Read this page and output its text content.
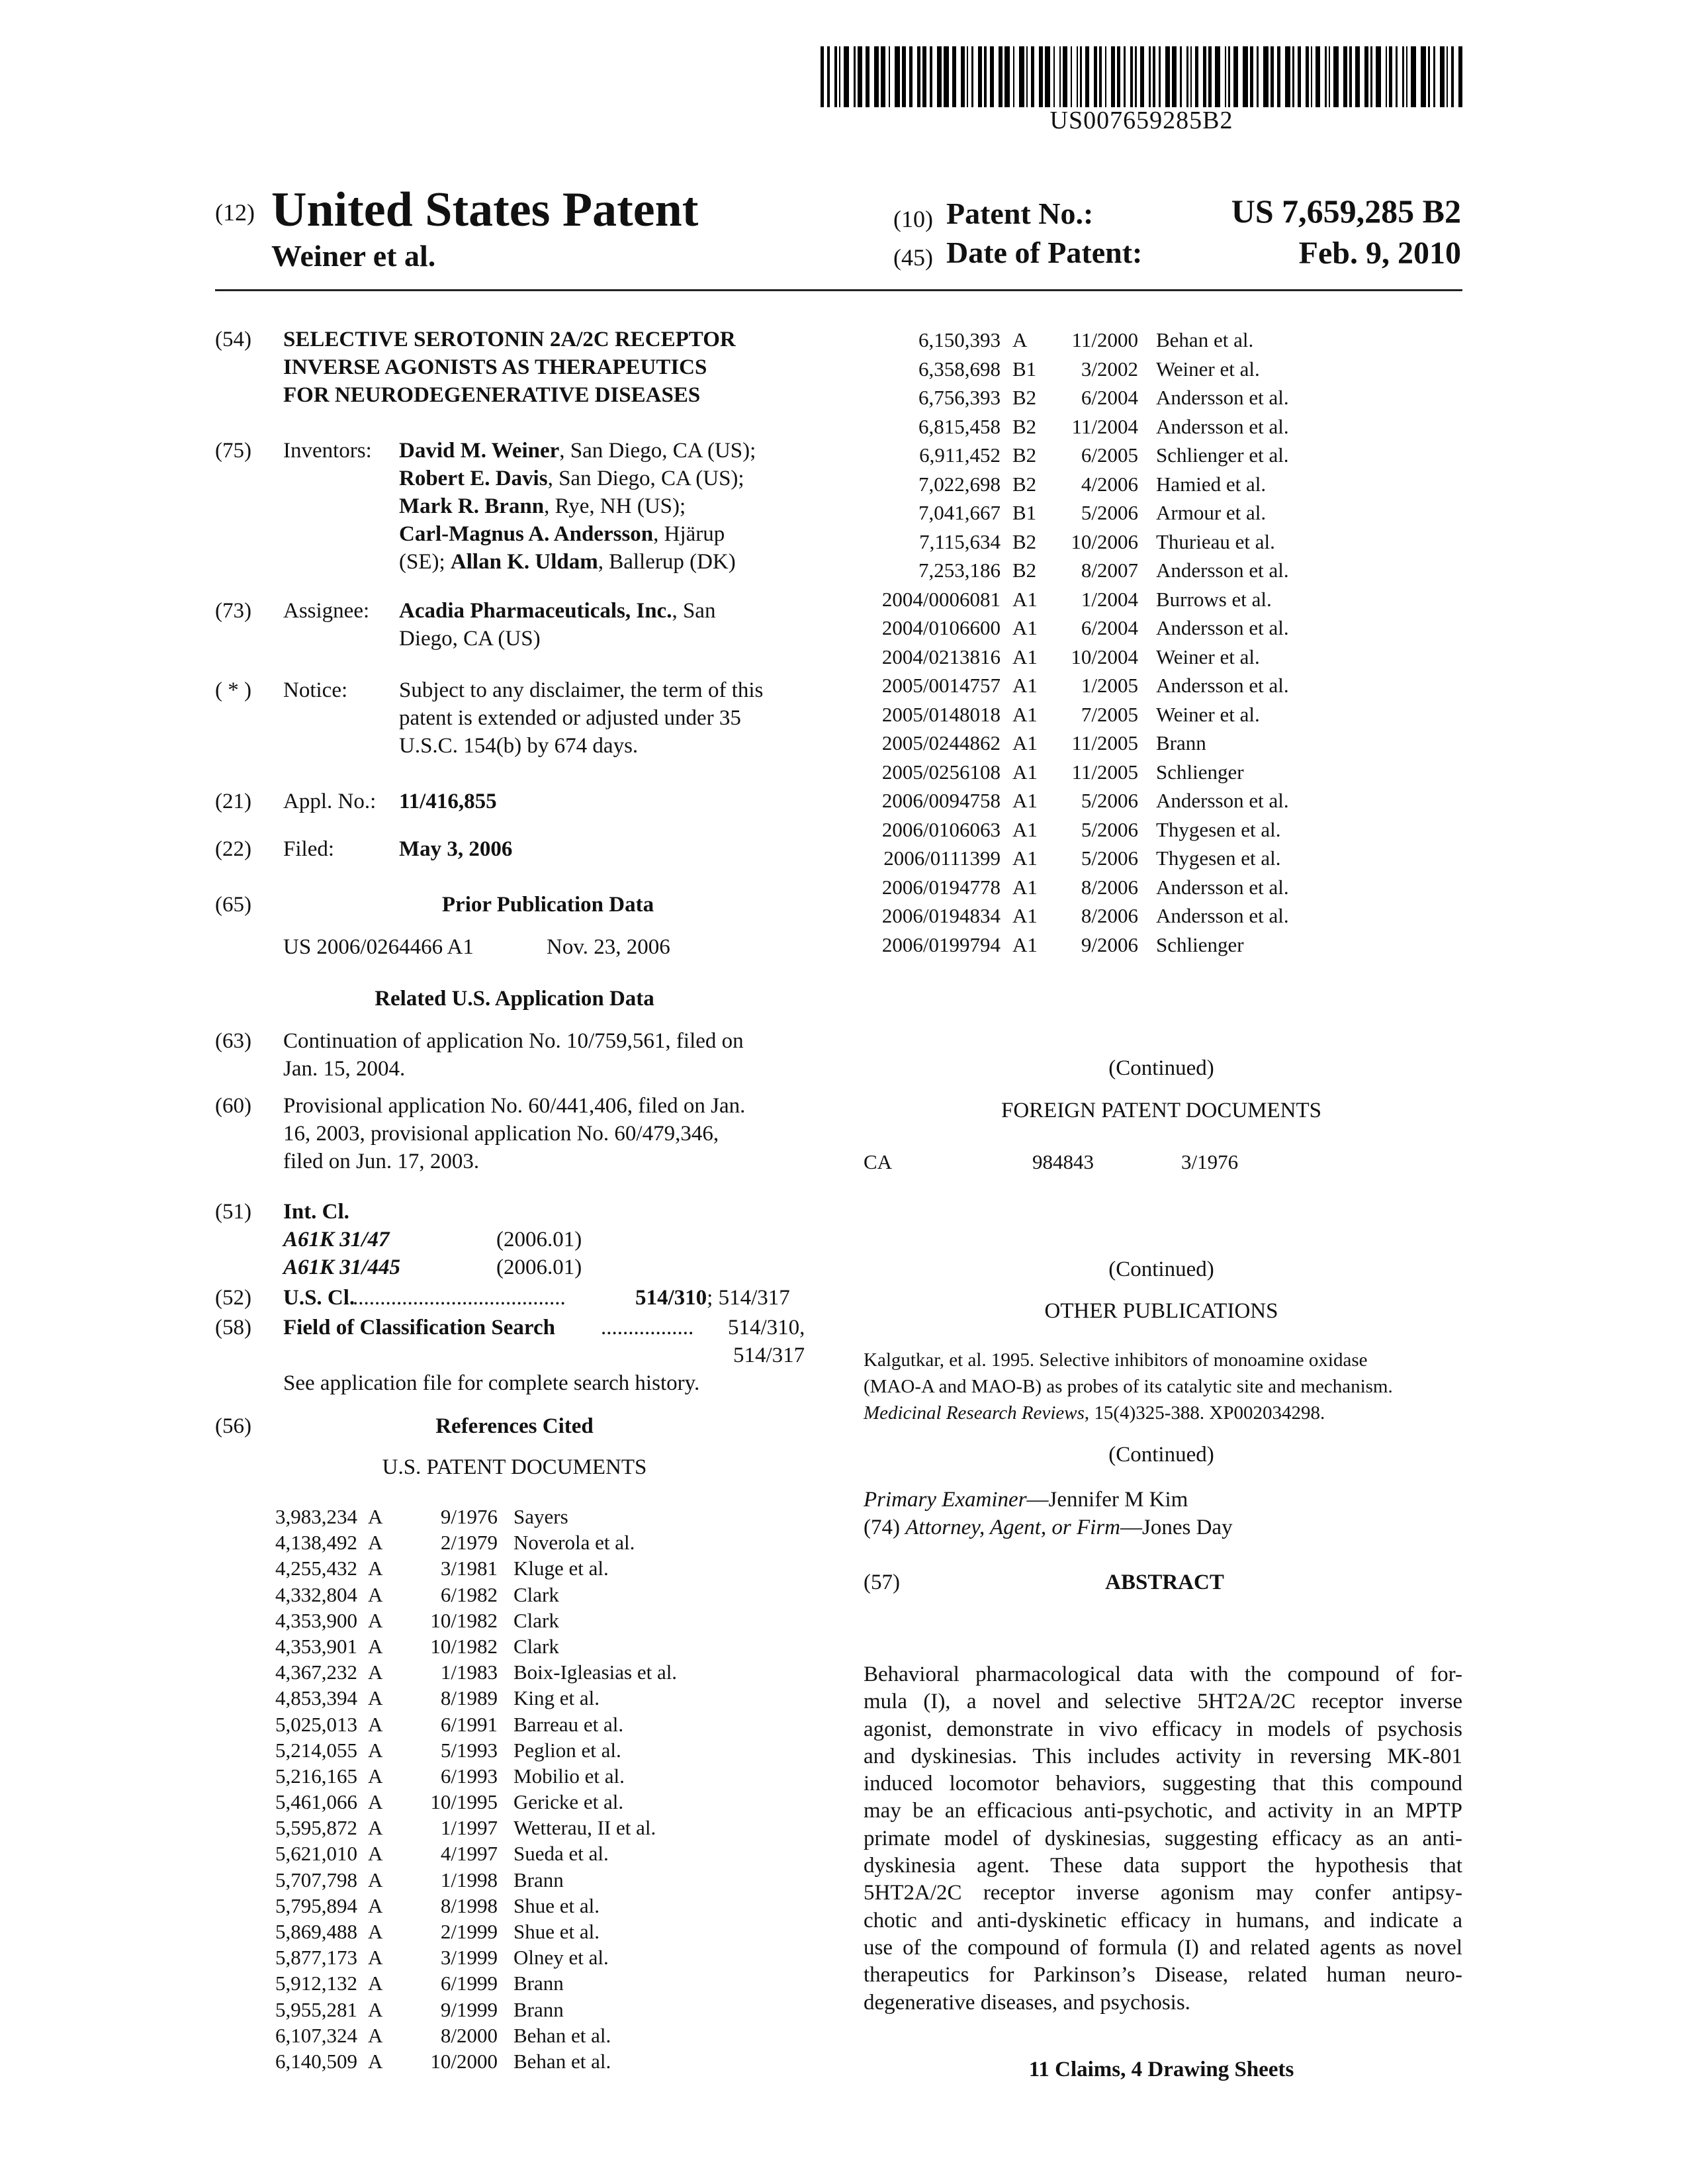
US007659285B2
(12) United States Patent
Weiner et al.
(10) Patent No.:	US 7,659,285 B2
(45) Date of Patent:	Feb. 9, 2010
(54) SELECTIVE SEROTONIN 2A/2C RECEPTOR
INVERSE AGONISTS AS THERAPEUTICS
FOR NEURODEGENERATIVE DISEASES
(75) Inventors: David M. Weiner, San Diego, CA (US);
Robert E. Davis, San Diego, CA (US);
Mark R. Brann, Rye, NH (US);
Carl-Magnus A. Andersson, Hjärup
(SE); Allan K. Uldam, Ballerup (DK)
(73) Assignee: Acadia Pharmaceuticals, Inc., San
Diego, CA (US)
( * ) Notice: Subject to any disclaimer, the term of this
patent is extended or adjusted under 35
U.S.C. 154(b) by 674 days.
(21) Appl. No.: 11/416,855
(22) Filed:	May 3, 2006
(65)	Prior Publication Data
US 2006/0264466 A1	Nov. 23, 2006
Related U.S. Application Data
(63) Continuation of application No. 10/759,561, filed on
Jan. 15, 2004.
(60) Provisional application No. 60/441,406, filed on Jan.
16, 2003, provisional application No. 60/479,346,
filed on Jun. 17, 2003.
(51) Int. Cl.
A61K 31/47	(2006.01)
A61K 31/445	(2006.01)
(52) U.S. Cl.
.......................................	514/310; 514/317
(58) Field of Classification Search ................. 514/310,
514/317
See application file for complete search history.
(56)	References Cited
U.S. PATENT DOCUMENTS
3,983,234 A	9/1976 Sayers
4,138,492 A	2/1979 Noverola et al.
4,255,432 A	3/1981 Kluge et al.
4,332,804 A	6/1982 Clark
4,353,900 A	10/1982 Clark
4,353,901 A	10/1982 Clark
4,367,232 A	1/1983 Boix-Igleasias et al.
4,853,394 A	8/1989 King et al.
5,025,013 A	6/1991 Barreau et al.
5,214,055 A	5/1993 Peglion et al.
5,216,165 A	6/1993 Mobilio et al.
5,461,066 A	10/1995 Gericke et al.
5,595,872 A	1/1997 Wetterau, II et al.
5,621,010 A	4/1997 Sueda et al.
5,707,798 A	1/1998 Brann
5,795,894 A	8/1998 Shue et al.
5,869,488 A	2/1999 Shue et al.
5,877,173 A	3/1999 Olney et al.
5,912,132 A	6/1999 Brann
5,955,281 A	9/1999 Brann
6,107,324 A	8/2000 Behan et al.
6,140,509 A	10/2000 Behan et al.
6,150,393 A	11/2000 Behan et al.
6,358,698 B1	3/2002 Weiner et al.
6,756,393 B2	6/2004 Andersson et al.
6,815,458 B2	11/2004 Andersson et al.
6,911,452 B2	6/2005 Schlienger et al.
7,022,698 B2	4/2006 Hamied et al.
7,041,667 B1	5/2006 Armour et al.
7,115,634 B2	10/2006 Thurieau et al.
7,253,186 B2	8/2007 Andersson et al.
2004/0006081 A1	1/2004 Burrows et al.
2004/0106600 A1	6/2004 Andersson et al.
2004/0213816 A1	10/2004 Weiner et al.
2005/0014757 A1	1/2005 Andersson et al.
2005/0148018 A1	7/2005 Weiner et al.
2005/0244862 A1	11/2005 Brann
2005/0256108 A1	11/2005 Schlienger
2006/0094758 A1	5/2006 Andersson et al.
2006/0106063 A1	5/2006 Thygesen et al.
2006/0111399 A1	5/2006 Thygesen et al.
2006/0194778 A1	8/2006 Andersson et al.
2006/0194834 A1	8/2006 Andersson et al.
2006/0199794 A1	9/2006 Schlienger
(Continued)
FOREIGN PATENT DOCUMENTS
CA	984843	3/1976
(Continued)
OTHER PUBLICATIONS
Kalgutkar, et al. 1995. Selective inhibitors of monoamine oxidase
(MAO-A and MAO-B) as probes of its catalytic site and mechanism.
Medicinal Research Reviews, 15(4)325-388. XP002034298.
(Continued)
Primary Examiner—Jennifer M Kim
(74) Attorney, Agent, or Firm—Jones Day
(57)	ABSTRACT
Behavioral pharmacological data with the compound of for-
mula (I), a novel and selective 5HT2A/2C receptor inverse
agonist, demonstrate in vivo efficacy in models of psychosis
and dyskinesias. This includes activity in reversing MK-801
induced locomotor behaviors, suggesting that this compound
may be an efficacious anti-psychotic, and activity in an MPTP
primate model of dyskinesias, suggesting efficacy as an anti-
dyskinesia agent. These data support the hypothesis that
5HT2A/2C receptor inverse agonism may confer antipsy-
chotic and anti-dyskinetic efficacy in humans, and indicate a
use of the compound of formula (I) and related agents as novel
therapeutics for Parkinson’s Disease, related human neuro-
degenerative diseases, and psychosis.
11 Claims, 4 Drawing Sheets
